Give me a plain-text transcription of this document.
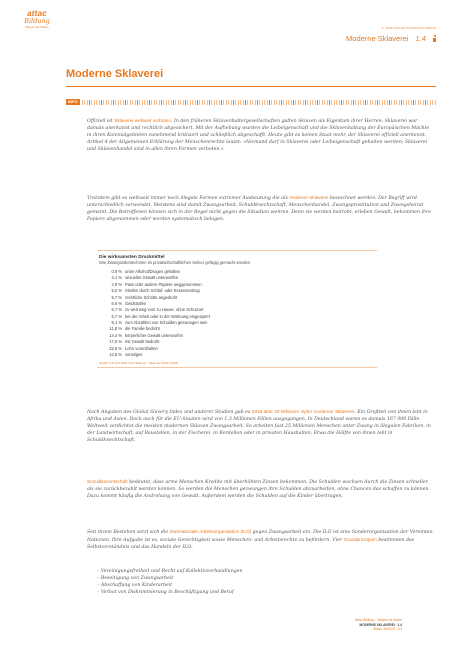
attac
Bildung
Wissen für Aktion	3. WIRTSCHAFTSKAPITALISMUS
Moderne Sklaverei 1.4
Moderne Sklaverei
INFO

Offiziell ist Sklaverei weltweit verboten. In den früheren Sklavenhaltergesellschaften galten Sklaven als Eigentum ihrer Herren: Sklaverei war damals anerkannt und rechtlich abgesichert. Mit der Aufhebung wurden die Leibeigenschaft und die Sklavenhaltung der Europäischen Mächte in ihren Kolonialgebieten zunehmend kritisiert und schließlich abgeschafft. Heute gibt es keinen Staat mehr, der Sklaverei offiziell anerkennt. Artikel 4 der Allgemeinen Erklärung der Menschenrechte lautet: »Niemand darf in Sklaverei oder Leibeigenschaft gehalten werden; Sklaverei und Sklavenhandel sind in allen ihren Formen verboten.«

Trotzdem gibt es weltweit immer noch illegale Formen extremer Ausbeutung die als moderne Sklaverei bezeichnet werden. Der Begriff wird unterschiedlich verwendet. Meistens sind damit Zwangsarbeit, Schuldknechtschaft, Menschenhandel, Zwangsprostitution und Zwangsheirat gemeint. Die Betroffenen können sich in der Regel nicht gegen die Situation wehren. Denn sie werden bedroht, erleben Gewalt, bekommen ihre Papiere abgenommen oder werden systematisch belogen.

Die wirksamsten Druckmittel
Wie Zwangsarbeiter/innen im privatwirtschaftlichen Sektor gefügig gemacht werden
0,9 % unter Alkohol/Drogen gehalten
4,1 % sexueller Gewalt unterworfen
4,9 % Pass oder andere Papiere weggenommen
5,0 % Strafen durch Schlaf- oder Essensentzug
5,7 % rechtliche Schritte angedroht
6,6 % Geldstrafen
6,7 % zu weit weg vom zu Hause, ohne Schutzort
6,7 % bei der Arbeit oder in der Wohnung eingesperrt
9,1 % zum Abzahlen von Schulden gezwungen sein
11,8 % die Familie bedroht
14,4 % körperlicher Gewalt unterworfen
17,6 % mit Gewalt bedroht
23,6 % Lohn vorenthalten
14,5 % sonstiges
Quelle: ILO und Walk Free Stiftung – Atlas der Arbeit (DGB)

Nach Angaben des Global Slavery Index und anderer Studien gab es 2016 über 40 Millionen Opfer moderner Sklaverei. Ein Großteil von ihnen lebt in Afrika und Asien. Doch auch für die EU-Staaten wird von 1,3 Millionen Fällen ausgegangen. In Deutschland waren es damals 167 000 Fälle. Weltweit verdichtet die meisten modernen Sklaven Zwangsarbeit. So arbeiten fast 25 Millionen Menschen unter Zwang in illegalen Fabriken, in der Landwirtschaft, auf Baustellen, in der Fischerei, in Bordellen oder in privaten Haushalten. Etwa die Hälfte von ihnen lebt in Schuldknechtschaft.

Schuldknechtschaft bedeutet, dass arme Menschen Kredite mit überhöhten Zinsen bekommen. Die Schulden wachsen durch die Zinsen schneller, als sie zurückbezahlt werden können. So werden die Menschen gezwungen ihre Schulden abzuarbeiten, ohne Chancen das schaffen zu können. Dazu kommt häufig die Androhung von Gewalt. Außerdem werden die Schulden auf die Kinder übertragen.

Seit ihrem Bestehen setzt sich die Internationale Arbeitsorganisation (ILO) gegen Zwangsarbeit ein. Die ILO ist eine Sonderorganisation der Vereinten Nationen. Ihre Aufgabe ist es, soziale Gerechtigkeit sowie Menschen- und Arbeitsrechte zu befördern. Vier Grundprinzipien bestimmen das Selbstverständnis und das Handeln der ILO:

– Vereinigungsfreiheit und Recht auf Kollektivverhandlungen
– Beseitigung von Zwangsarbeit
– Abschaffung von Kinderarbeit
– Verbot von Diskriminierung in Beschäftigung und Beruf
Attac Bildung – Wissen für Aktion
MODERNE SKLAVEREI · 1.4
Stand: 06/2020 · 1/1
